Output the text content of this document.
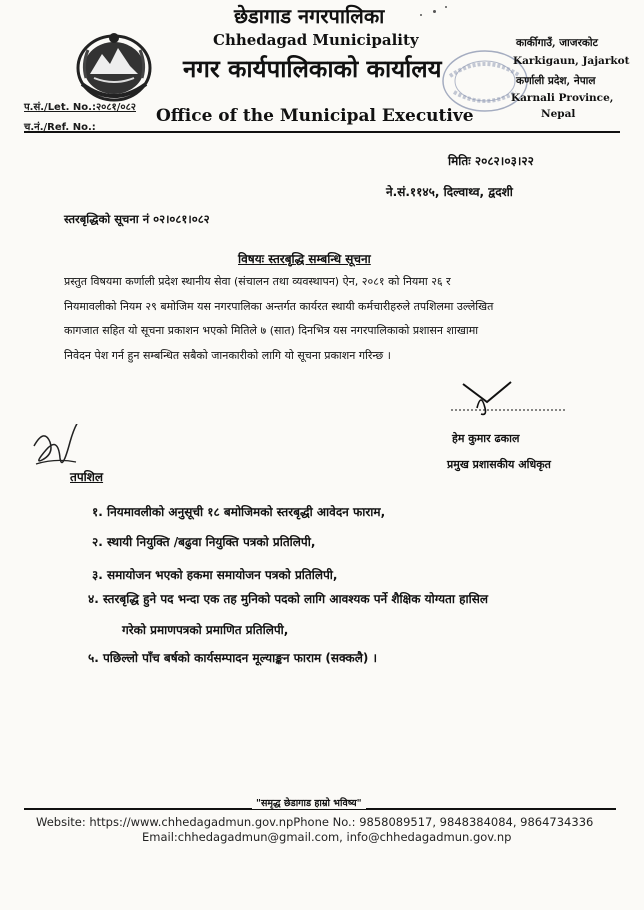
छेडागाड नगरपालिका
Chhedagad Municipality
नगर कार्यपालिकाको कार्यालय
Office of the Municipal Executive
कार्कीगाउँ, जाजरकोट
Karkigaun, Jajarkot
कर्णाली प्रदेश, नेपाल
Karnali Province,
Nepal
प.सं./Let. No.:२०८१/०८२
च.नं./Ref. No.:
मितिः २०८२।०३।२२
ने.सं.११४५, दिल्वाथ्व, द्वदशी
स्तरबृद्धिको सूचना नं ०२।०८१।०८२
विषयः स्तरबृद्धि सम्बन्धि सूचना

प्रस्तुत विषयमा कर्णाली प्रदेश स्थानीय सेवा (संचालन तथा व्यवस्थापन) ऐन, २०८१ को नियमा २६ र

नियमावलीको नियम २९ बमोजिम यस नगरपालिका अन्तर्गत कार्यरत स्थायी कर्मचारीहरुले तपशिलमा उल्लेखित

कागजात सहित यो सूचना प्रकाशन भएको मितिले ७ (सात) दिनभित्र यस नगरपालिकाको प्रशासन शाखामा

निवेदन पेश गर्न हुन सम्बन्धित सबैको जानकारीको लागि यो सूचना प्रकाशन गरिन्छ ।

हेम कुमार ढकाल
प्रमुख प्रशासकीय अधिकृत
तपशिल
१. नियमावलीको अनुसूची १८ बमोजिमको स्तरबृद्धी आवेदन फाराम,
२. स्थायी नियुक्ति /बढुवा नियुक्ति पत्रको प्रतिलिपी,
३. समायोजन भएको हकमा समायोजन पत्रको प्रतिलिपी,
४. स्तरबृद्धि हुने पद भन्दा एक तह मुनिको पदको लागि आवश्यक पर्ने शैक्षिक योग्यता हासिल
गरेको प्रमाणपत्रको प्रमाणित प्रतिलिपी,
५. पछिल्लो पाँच बर्षको कार्यसम्पादन मूल्याङ्कन फाराम (सक्कलै) ।
"समृद्ध छेडागाड हाम्रो भविष्य"
Website: https://www.chhedagadmun.gov.npPhone No.: 9858089517, 9848384084, 9864734336
Email:chhedagadmun@gmail.com, info@chhedagadmun.gov.np
